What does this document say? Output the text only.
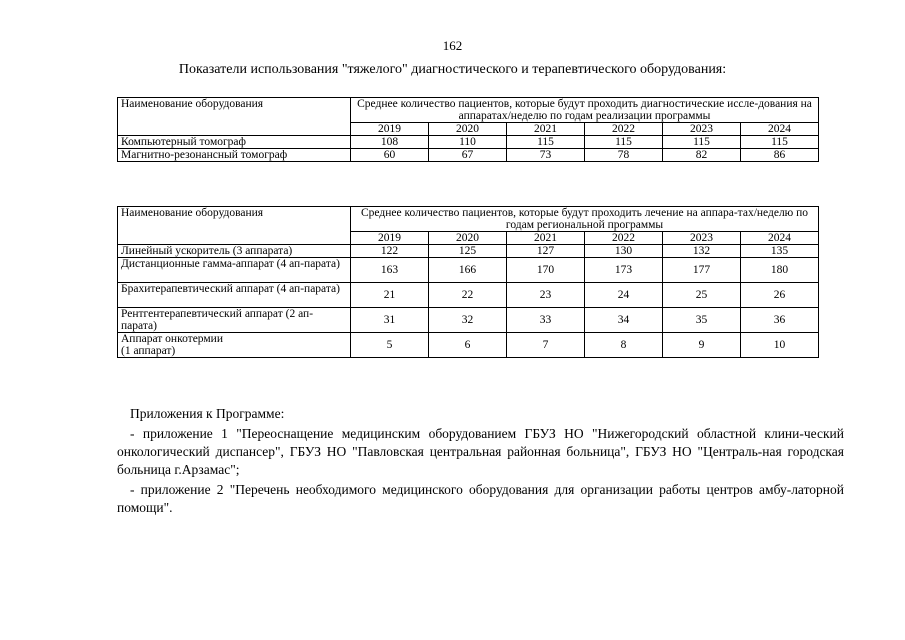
162
Показатели использования "тяжелого" диагностического и терапевтического оборудования:
Наименование оборудования	Среднее количество пациентов, которые будут проходить диагностические иссле-дования на аппаратах/неделю по годам реализации программы					
	2019	2020	2021	2022	2023	2024
Компьютерный томограф	108	110	115	115	115	115
Магнитно-резонансный томограф	60	67	73	78	82	86
Наименование оборудования	Среднее количество пациентов, которые будут проходить лечение на аппара-тах/неделю по годам региональной программы					
	2019	2020	2021	2022	2023	2024
Линейный ускоритель (3 аппарата)	122	125	127	130	132	135
Дистанционные гамма-аппарат (4 ап-парата)	163	166	170	173	177	180
Брахитерапевтический аппарат (4 ап-парата)	21	22	23	24	25	26
Рентгентерапевтический аппарат (2 ап-парата)	31	32	33	34	35	36
Аппарат онкотермии
(1 аппарат)	5	6	7	8	9	10
Приложения к Программе:
- приложение 1 "Переоснащение медицинским оборудованием ГБУЗ НО "Нижегородский областной клини-ческий онкологический диспансер", ГБУЗ НО "Павловская центральная районная больница", ГБУЗ НО "Централь-ная городская больница г.Арзамас";
- приложение 2 "Перечень необходимого медицинского оборудования для организации работы центров амбу-латорной помощи".
